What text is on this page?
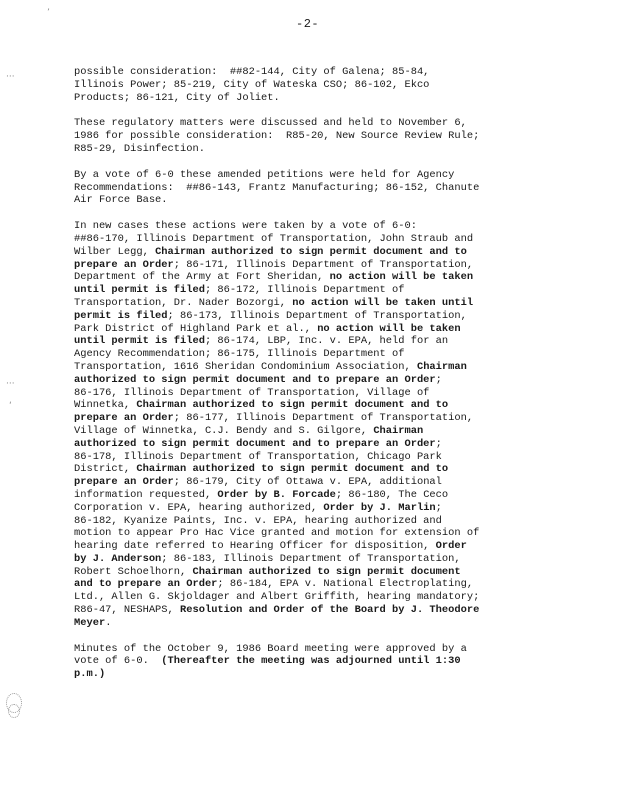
-2-
’
···
···
‘
possible consideration:  ##82-144, City of Galena; 85-84,
Illinois Power; 85-219, City of Wateska CSO; 86-102, Ekco
Products; 86-121, City of Joliet.
These regulatory matters were discussed and held to November 6,
1986 for possible consideration:  R85-20, New Source Review Rule;
R85-29, Disinfection.
By a vote of 6-0 these amended petitions were held for Agency
Recommendations:  ##86-143, Frantz Manufacturing; 86-152, Chanute
Air Force Base.
In new cases these actions were taken by a vote of 6-0:
##86-170, Illinois Department of Transportation, John Straub and
Wilber Legg, Chairman authorized to sign permit document and to
prepare an Order; 86-171, Illinois Department of Transportation,
Department of the Army at Fort Sheridan, no action will be taken
until permit is filed; 86-172, Illinois Department of
Transportation, Dr. Nader Bozorgi, no action will be taken until
permit is filed; 86-173, Illinois Department of Transportation,
Park District of Highland Park et al., no action will be taken
until permit is filed; 86-174, LBP, Inc. v. EPA, held for an
Agency Recommendation; 86-175, Illinois Department of
Transportation, 1616 Sheridan Condominium Association, Chairman
authorized to sign permit document and to prepare an Order;
86-176, Illinois Department of Transportation, Village of
Winnetka, Chairman authorized to sign permit document and to
prepare an Order; 86-177, Illinois Department of Transportation,
Village of Winnetka, C.J. Bendy and S. Gilgore, Chairman
authorized to sign permit document and to prepare an Order;
86-178, Illinois Department of Transportation, Chicago Park
District, Chairman authorized to sign permit document and to
prepare an Order; 86-179, City of Ottawa v. EPA, additional
information requested, Order by B. Forcade; 86-180, The Ceco
Corporation v. EPA, hearing authorized, Order by J. Marlin;
86-182, Kyanize Paints, Inc. v. EPA, hearing authorized and
motion to appear Pro Hac Vice granted and motion for extension of
hearing date referred to Hearing Officer for disposition, Order
by J. Anderson; 86-183, Illinois Department of Transportation,
Robert Schoelhorn, Chairman authorized to sign permit document
and to prepare an Order; 86-184, EPA v. National Electroplating,
Ltd., Allen G. Skjoldager and Albert Griffith, hearing mandatory;
R86-47, NESHAPS, Resolution and Order of the Board by J. Theodore
Meyer.
Minutes of the October 9, 1986 Board meeting were approved by a
vote of 6-0.  (Thereafter the meeting was adjourned until 1:30
p.m.)
